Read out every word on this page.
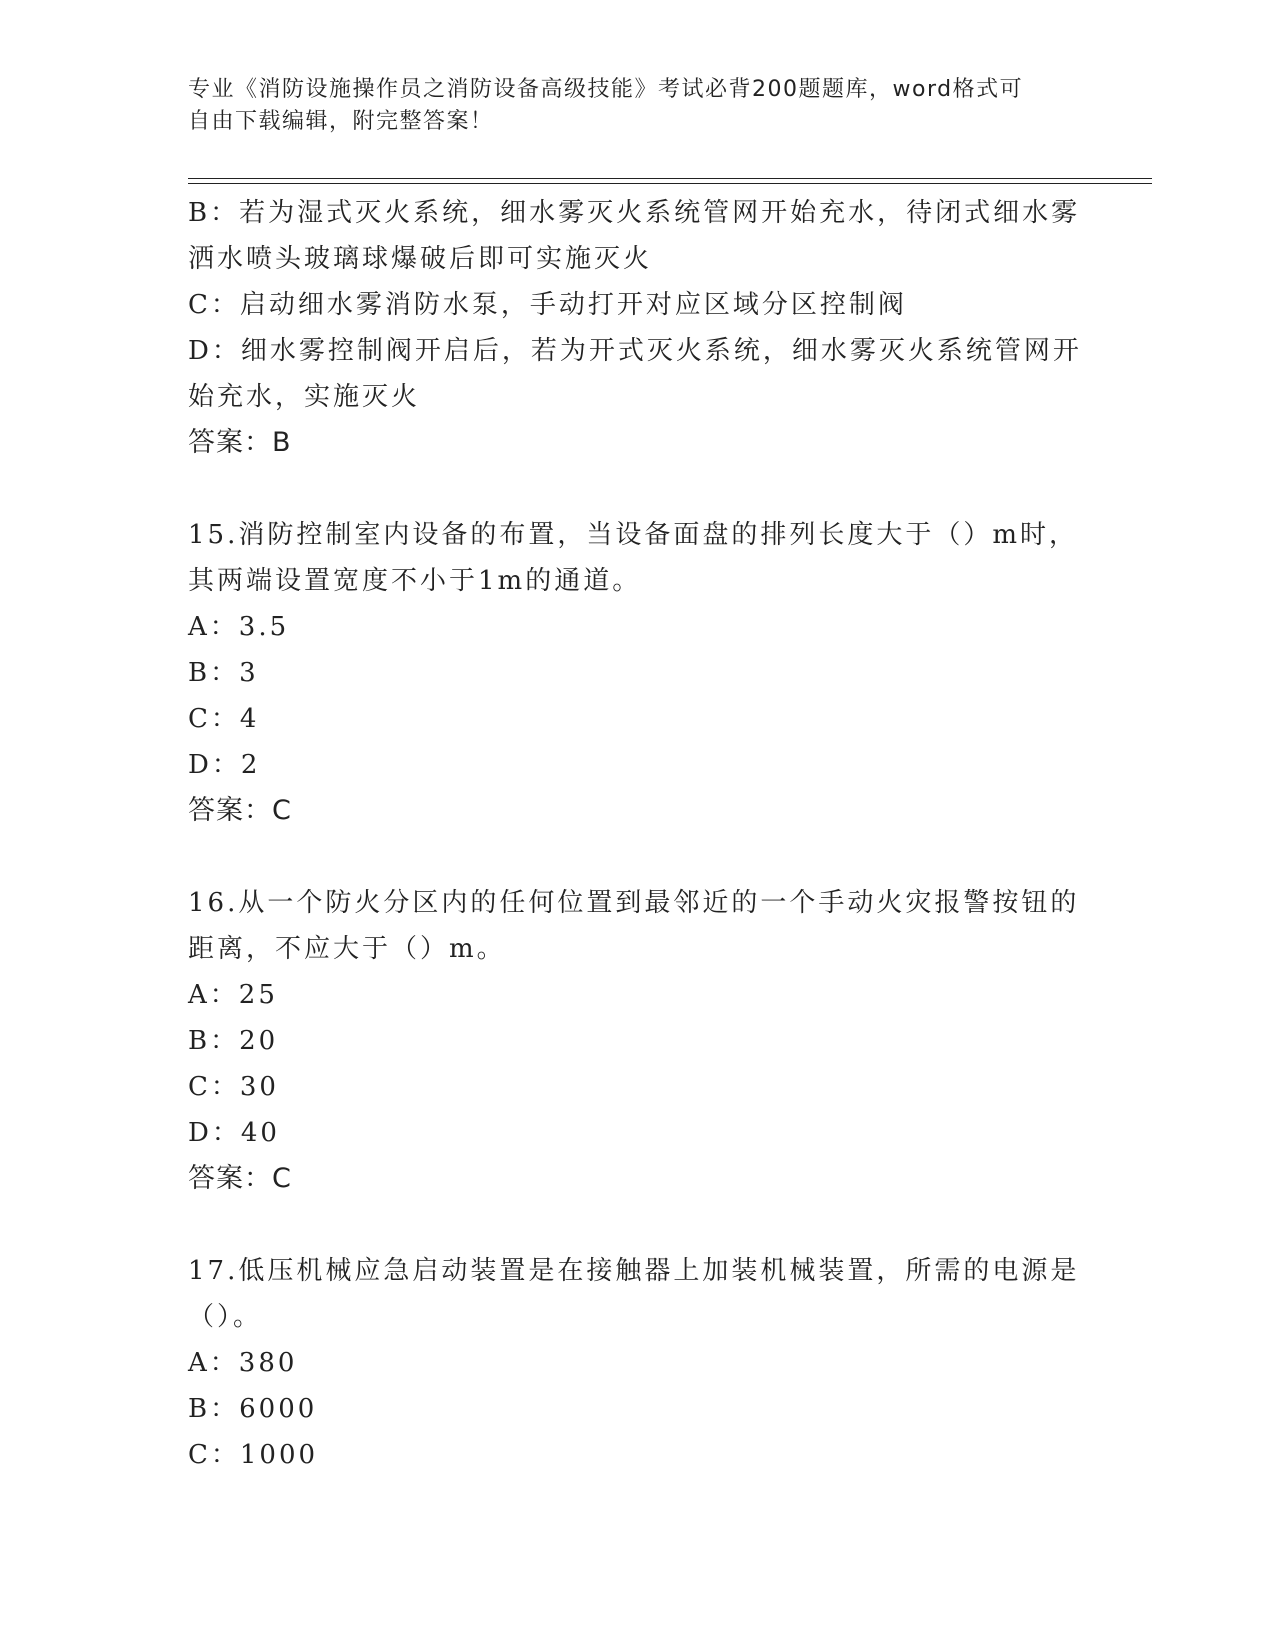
专业《消防设施操作员之消防设备高级技能》考试必背200题题库，word格式可
自由下载编辑，附完整答案！
B：若为湿式灭火系统，细水雾灭火系统管网开始充水，待闭式细水雾
洒水喷头玻璃球爆破后即可实施灭火
C：启动细水雾消防水泵，手动打开对应区域分区控制阀
D：细水雾控制阀开启后，若为开式灭火系统，细水雾灭火系统管网开
始充水，实施灭火
答案：B
15.消防控制室内设备的布置，当设备面盘的排列长度大于（）m时，
其两端设置宽度不小于1m的通道。
A：3.5
B：3
C：4
D：2
答案：C
16.从一个防火分区内的任何位置到最邻近的一个手动火灾报警按钮的
距离，不应大于（）m。
A：25
B：20
C：30
D：40
答案：C
17.低压机械应急启动装置是在接触器上加装机械装置，所需的电源是
（）。
A：380
B：6000
C：1000
